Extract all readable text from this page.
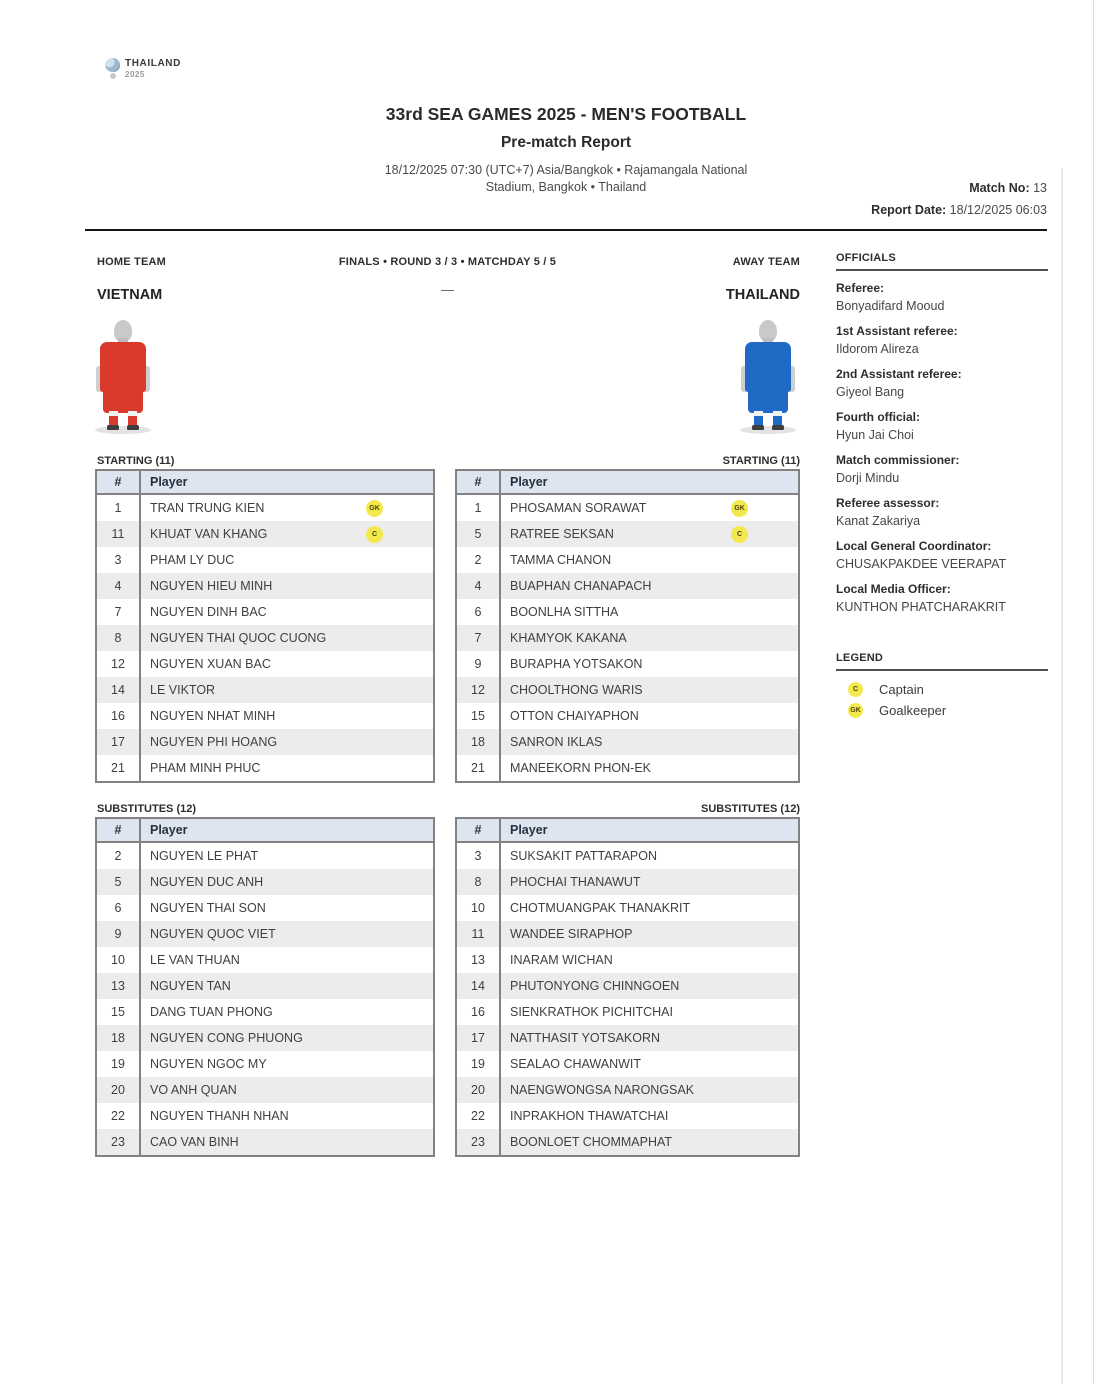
THAILAND
2025
33rd SEA GAMES 2025 - MEN'S FOOTBALL
Pre-match Report
18/12/2025 07:30 (UTC+7) Asia/Bangkok • Rajamangala National
Stadium, Bangkok • Thailand	Match No: 13
Report Date: 18/12/2025 06:03
HOME TEAM	FINALS • ROUND 3 / 3 • MATCHDAY 5 / 5	AWAY TEAM
VIETNAM	—	THAILAND
OFFICIALS
Referee:
Bonyadifard Mooud
1st Assistant referee:
Ildorom Alireza
2nd Assistant referee:
Giyeol Bang
Fourth official:
Hyun Jai Choi
Match commissioner:
Dorji Mindu
Referee assessor:
Kanat Zakariya
Local General Coordinator:
CHUSAKPAKDEE VEERAPAT
Local Media Officer:
KUNTHON PHATCHARAKRIT
LEGEND
C	Captain
GK Goalkeeper
STARTING (11)	STARTING (11)
SUBSTITUTES (12)	SUBSTITUTES (12)
#	Player
1	TRAN TRUNG KIEN	GK
11	KHUAT VAN KHANG	C
3	PHAM LY DUC
4	NGUYEN HIEU MINH
7	NGUYEN DINH BAC
8	NGUYEN THAI QUOC CUONG
12	NGUYEN XUAN BAC
14	LE VIKTOR
16	NGUYEN NHAT MINH
17	NGUYEN PHI HOANG
21	PHAM MINH PHUC
#	Player
1	PHOSAMAN SORAWAT	GK
5	RATREE SEKSAN	C
2	TAMMA CHANON
4	BUAPHAN CHANAPACH
6	BOONLHA SITTHA
7	KHAMYOK KAKANA
9	BURAPHA YOTSAKON
12	CHOOLTHONG WARIS
15	OTTON CHAIYAPHON
18	SANRON IKLAS
21	MANEEKORN PHON-EK
#	Player
2	NGUYEN LE PHAT
5	NGUYEN DUC ANH
6	NGUYEN THAI SON
9	NGUYEN QUOC VIET
10	LE VAN THUAN
13	NGUYEN TAN
15	DANG TUAN PHONG
18	NGUYEN CONG PHUONG
19	NGUYEN NGOC MY
20	VO ANH QUAN
22	NGUYEN THANH NHAN
23	CAO VAN BINH
#	Player
3	SUKSAKIT PATTARAPON
8	PHOCHAI THANAWUT
10	CHOTMUANGPAK THANAKRIT
11	WANDEE SIRAPHOP
13	INARAM WICHAN
14	PHUTONYONG CHINNGOEN
16	SIENKRATHOK PICHITCHAI
17	NATTHASIT YOTSAKORN
19	SEALAO CHAWANWIT
20	NAENGWONGSA NARONGSAK
22	INPRAKHON THAWATCHAI
23	BOONLOET CHOMMAPHAT
